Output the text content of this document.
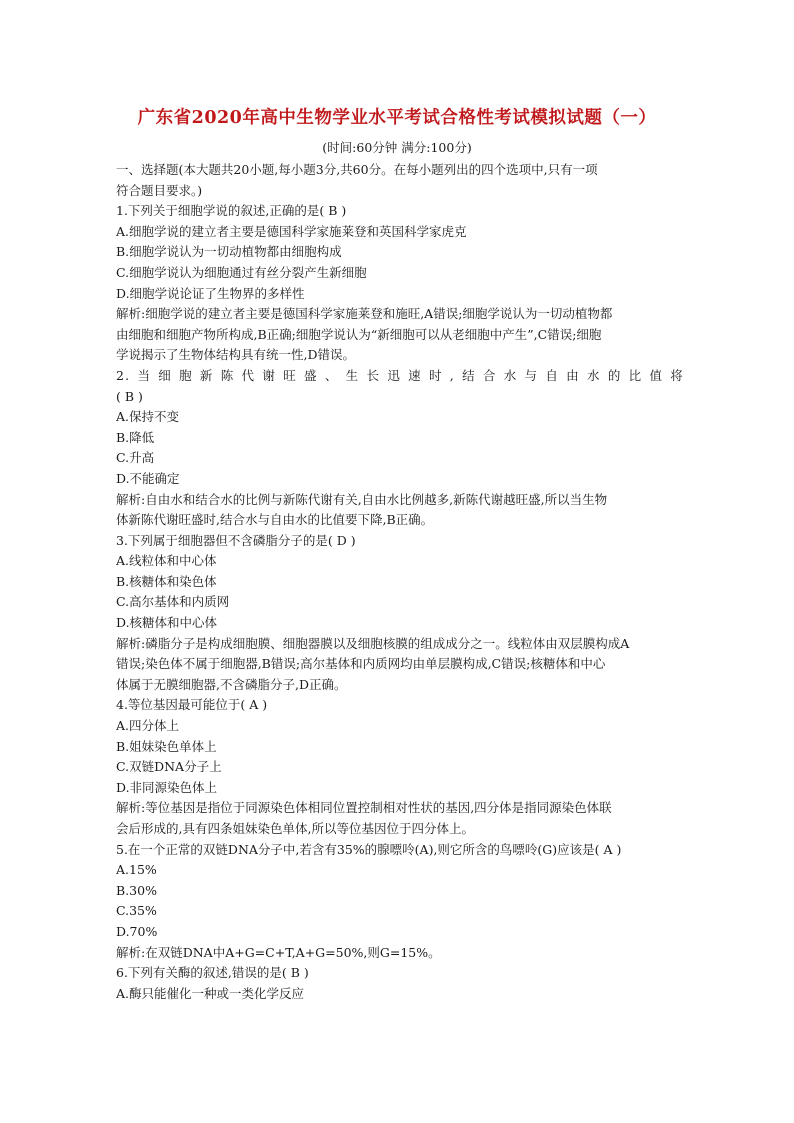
广东省2020年高中生物学业水平考试合格性考试模拟试题（一）
(时间:60分钟 满分:100分)

一、选择题(本大题共20小题,每小题3分,共60分。在每小题列出的四个选项中,只有一项

符合题目要求。)

1.下列关于细胞学说的叙述,正确的是( B )

A.细胞学说的建立者主要是德国科学家施莱登和英国科学家虎克

B.细胞学说认为一切动植物都由细胞构成

C.细胞学说认为细胞通过有丝分裂产生新细胞

D.细胞学说论证了生物界的多样性

解析:细胞学说的建立者主要是德国科学家施莱登和施旺,A错误;细胞学说认为一切动植物都

由细胞和细胞产物所构成,B正确;细胞学说认为“新细胞可以从老细胞中产生”,C错误;细胞

学说揭示了生物体结构具有统一性,D错误。

2.当细胞新陈代谢旺盛、生长迅速时,结合水与自由水的比值将

( B )

A.保持不变

B.降低

C.升高

D.不能确定

解析:自由水和结合水的比例与新陈代谢有关,自由水比例越多,新陈代谢越旺盛,所以当生物

体新陈代谢旺盛时,结合水与自由水的比值要下降,B正确。

3.下列属于细胞器但不含磷脂分子的是( D )

A.线粒体和中心体

B.核糖体和染色体

C.高尔基体和内质网

D.核糖体和中心体

解析:磷脂分子是构成细胞膜、细胞器膜以及细胞核膜的组成成分之一。线粒体由双层膜构成A

错误;染色体不属于细胞器,B错误;高尔基体和内质网均由单层膜构成,C错误;核糖体和中心

体属于无膜细胞器,不含磷脂分子,D正确。

4.等位基因最可能位于( A )

A.四分体上

B.姐妹染色单体上

C.双链DNA分子上

D.非同源染色体上

解析:等位基因是指位于同源染色体相同位置控制相对性状的基因,四分体是指同源染色体联

会后形成的,具有四条姐妹染色单体,所以等位基因位于四分体上。

5.在一个正常的双链DNA分子中,若含有35%的腺嘌呤(A),则它所含的鸟嘌呤(G)应该是( A )

A.15%

B.30%

C.35%

D.70%

解析:在双链DNA中A+G=C+T,A+G=50%,则G=15%。

6.下列有关酶的叙述,错误的是( B )

A.酶只能催化一种或一类化学反应
